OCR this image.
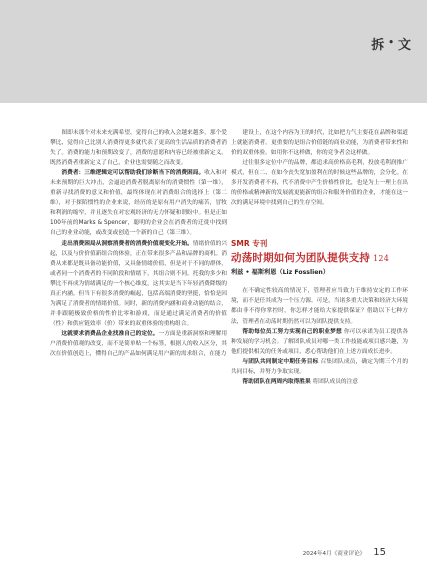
拆 • 文

图即未那个对未来充满希望、觉得自己的收入会越来越多，那个爱攀比、觉得自己比别人消费得更多就代表了更高的生活品质的消费者消失了。消费的能力和预期改变了，消费的意愿和内容已经被重新定义。既然消费者重新定义了自己，企业也需要随之而改变。

消费者：三维逻辑定可以帮助我们诊断当下的消费困局。收入和对未来预期的巨大冲击，会逼迫消费者脱离原有的消费惯性（第一维），重新寻找消费的意义和价值，最终体现在对消费组合的选择上（第二维），对于探陌惯性的企业来说，经历的是原有用户消失的痛苦，冒牧和利润的缩窄，并且逐失在对宏观经济的无力怀疑和谓盼中。但是正如100年前的Marks & Spencer，聪明的企业会在消费者的迁徙中找到自己的业业动能，或改变或创造一个新的自己（第三维）。

走出消费困局从洞察消费者的消费价值观变化开始。情绪价值的兴起，以及与价价值新组合的体验，正在带来很多产品和品牌的商机。消费从来都是既具备功能价值，又具备情绪价值，但是对于不同的群体，或者同一个消费者的不同阶段和情绪下，其组合则不同。托我的多少和攀比不再成为情绪满足的一个核心维度，这其实是当下年轻消费降级的真正内涵。但当下有很多消费的崛起，包括高端消费的坚挺，恰恰是因为满足了消费者的情绪价值。同时，新的消费内涵和商业动能的结合，并非跟随极致价格的性价比零和游戏，而是通过满足消费者的价值（性）和供应链效率（价）带来的双重体验的重构组合。

这就要求消费品企业找准自己的定位。一方面是重新洞察和理解用户消费价值观的改变，而不是简单贴一个标签，根据人的收入区分，其次在价值创造上，懂得自己的产品如何满足用户新的需求组合，在能力

建设上，在这个内容为王的时代，比如把力气主要花在品牌和渠道上就能消费者。更重要的是组合价值链的商业动能，为消费者带来性和价的双重体验。如用你不这样做，你的竞争者会这样做。

过往很多定位中产的品牌，都追求高价格高毛利，投放毛利润推广模式，但在二、在如今丧失宽加盈利在的时候这些品牌的，会分化。在多开发消费者不再，代不消费中产生价格性价比，也是为上一理上在出的价格或精神新的发展就更能新的组合和服务价值的企业，才能在这一次的满足环境中找到自己的生存空间。

SMR 专刊
动荡时期如何为团队提供支持 124
利兹 • 福斯利恩（Liz Fosslien）

在不确定性较高的情况下，管理者应当致力于维持安定的工作环境，而不是任其成为一个压力源。可是，当诸多重大决策和经济大环境都由非不得你掌控时，你怎样才能给大家提供保证？借助以下七种方法，管理者在动荡时期仍然可以为团队提供支持。

帮助每位员工努力实现自己的职业梦想 你可以承诺为员工提供各种发展的学习机会。了解团队成员对哪一类工作技能或项目感兴趣，为他们提供相关的任务或项目，悉心帮助他们在上述方面成长进步。

与团队共同制定中期任务目标 召集团队成员，确定为期三个月的共同目标，并努力争取实现。

帮助团队在两周内取得胜果 将团队成员的注意

2024年4月《商业评论》 15
